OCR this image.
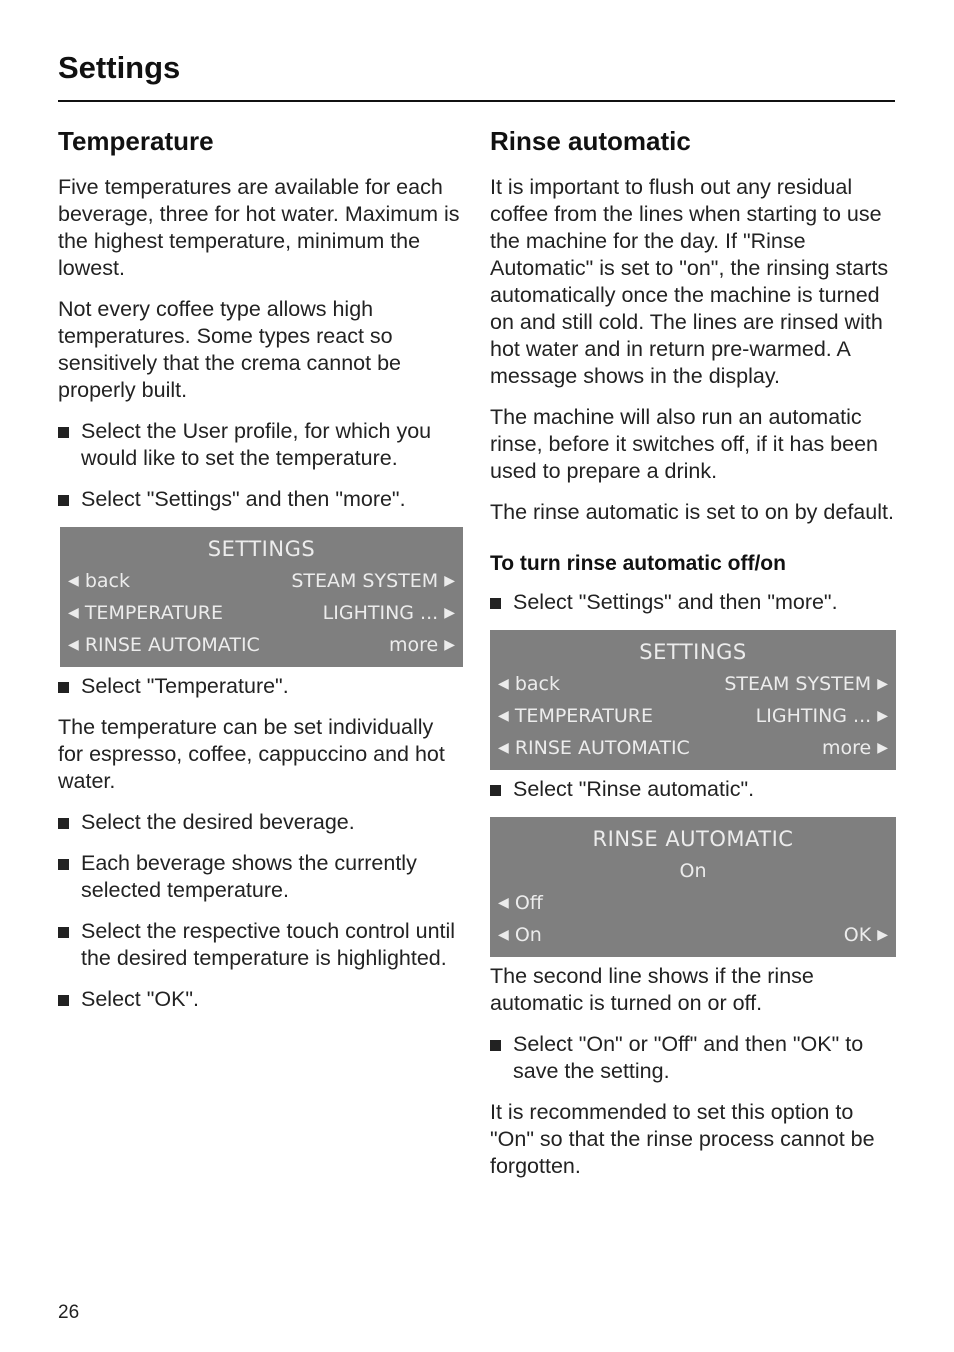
Settings
Temperature

Five temperatures are available for each beverage, three for hot water. Maximum is the highest temperature, minimum the lowest.

Not every coffee type allows high temperatures. Some types react so sensitively that the crema cannot be properly built.

Select the User profile, for which you would like to set the temperature.
Select "Settings" and then "more".
SETTINGS
◀ back	STEAM SYSTEM ▶
◀ TEMPERATURE	LIGHTING ... ▶
◀ RINSE AUTOMATIC	more ▶
Select "Temperature".

The temperature can be set individually for espresso, coffee, cappuccino and hot water.

Select the desired beverage.
Each beverage shows the currently selected temperature.
Select the respective touch control until the desired temperature is highlighted.
Select "OK".
Rinse automatic

It is important to flush out any residual coffee from the lines when starting to use the machine for the day. If "Rinse Automatic" is set to "on", the rinsing starts automatically once the machine is turned on and still cold. The lines are rinsed with hot water and in return pre-warmed. A message shows in the display.

The machine will also run an automatic rinse, before it switches off, if it has been used to prepare a drink.

The rinse automatic is set to on by default.

To turn rinse automatic off/on
Select "Settings" and then "more".
SETTINGS
◀ back	STEAM SYSTEM ▶
◀ TEMPERATURE	LIGHTING ... ▶
◀ RINSE AUTOMATIC	more ▶
Select "Rinse automatic".
RINSE AUTOMATIC
On
◀ Off
◀ On	OK ▶

The second line shows if the rinse automatic is turned on or off.

Select "On" or "Off" and then "OK" to save the setting.

It is recommended to set this option to "On" so that the rinse process cannot be forgotten.

26
